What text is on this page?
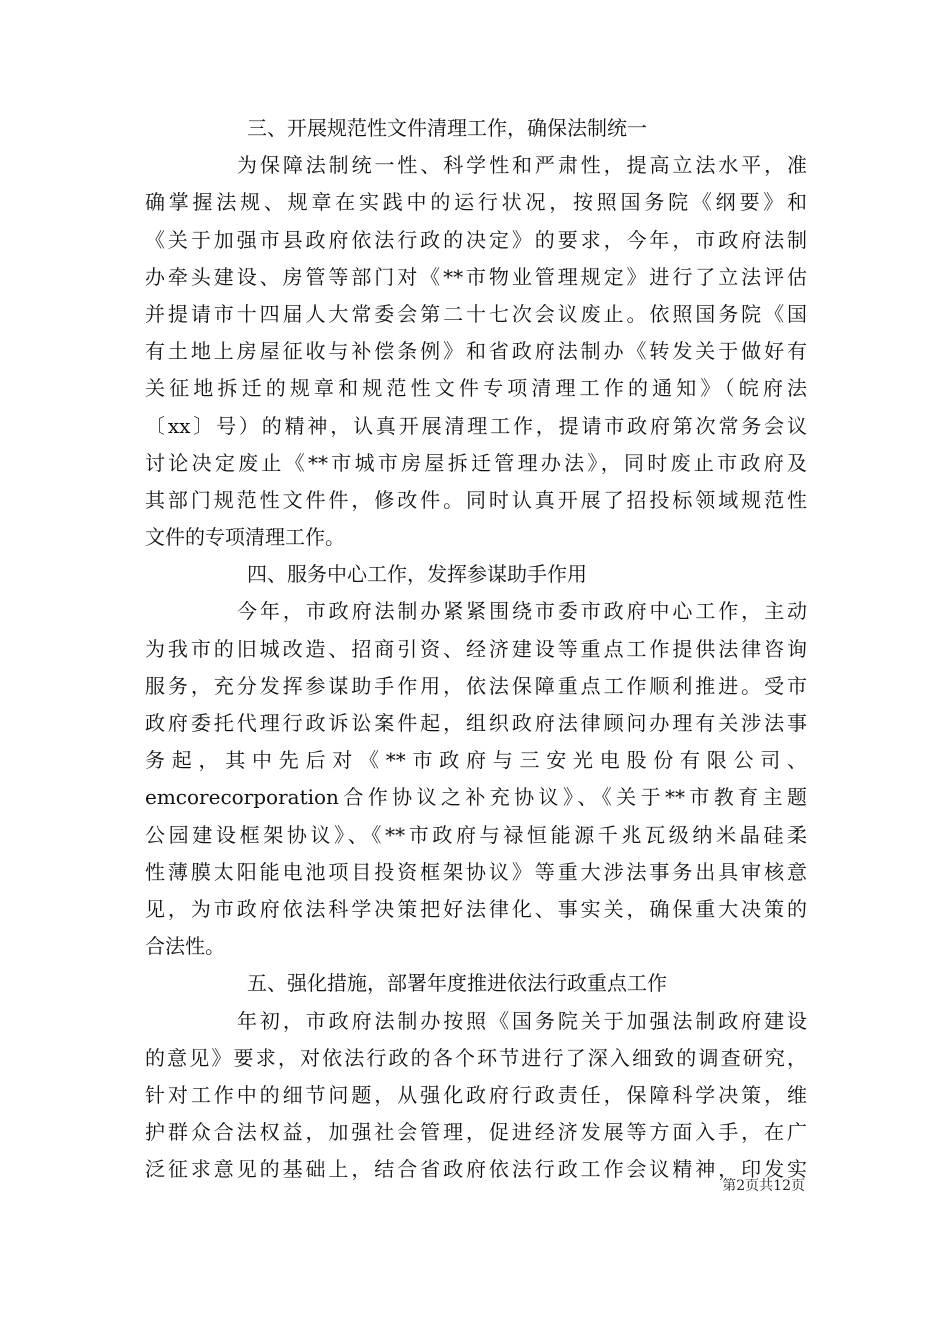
三、开展规范性文件清理工作，确保法制统一
为保障法制统一性、科学性和严肃性，提高立法水平，准
确掌握法规、规章在实践中的运行状况，按照国务院《纲要》和
《关于加强市县政府依法行政的决定》的要求，今年，市政府法制
办牵头建设、房管等部门对《**市物业管理规定》进行了立法评估
并提请市十四届人大常委会第二十七次会议废止。依照国务院《国
有土地上房屋征收与补偿条例》和省政府法制办《转发关于做好有
关征地拆迁的规章和规范性文件专项清理工作的通知》（皖府法
〔xx〕号）的精神，认真开展清理工作，提请市政府第次常务会议
讨论决定废止《**市城市房屋拆迁管理办法》，同时废止市政府及
其部门规范性文件件，修改件。同时认真开展了招投标领域规范性
文件的专项清理工作。
四、服务中心工作，发挥参谋助手作用
今年，市政府法制办紧紧围绕市委市政府中心工作，主动
为我市的旧城改造、招商引资、经济建设等重点工作提供法律咨询
服务，充分发挥参谋助手作用，依法保障重点工作顺利推进。受市
政府委托代理行政诉讼案件起，组织政府法律顾问办理有关涉法事
务起，其中先后对《**市政府与三安光电股份有限公司、
emcorecorporation合作协议之补充协议》、《关于**市教育主题
公园建设框架协议》、《**市政府与禄恒能源千兆瓦级纳米晶硅柔
性薄膜太阳能电池项目投资框架协议》等重大涉法事务出具审核意
见，为市政府依法科学决策把好法律化、事实关，确保重大决策的
合法性。
五、强化措施，部署年度推进依法行政重点工作
年初，市政府法制办按照《国务院关于加强法制政府建设
的意见》要求，对依法行政的各个环节进行了深入细致的调查研究，
针对工作中的细节问题，从强化政府行政责任，保障科学决策，维
护群众合法权益，加强社会管理，促进经济发展等方面入手，在广
泛征求意见的基础上，结合省政府依法行政工作会议精神，印发实
第2页共12页
